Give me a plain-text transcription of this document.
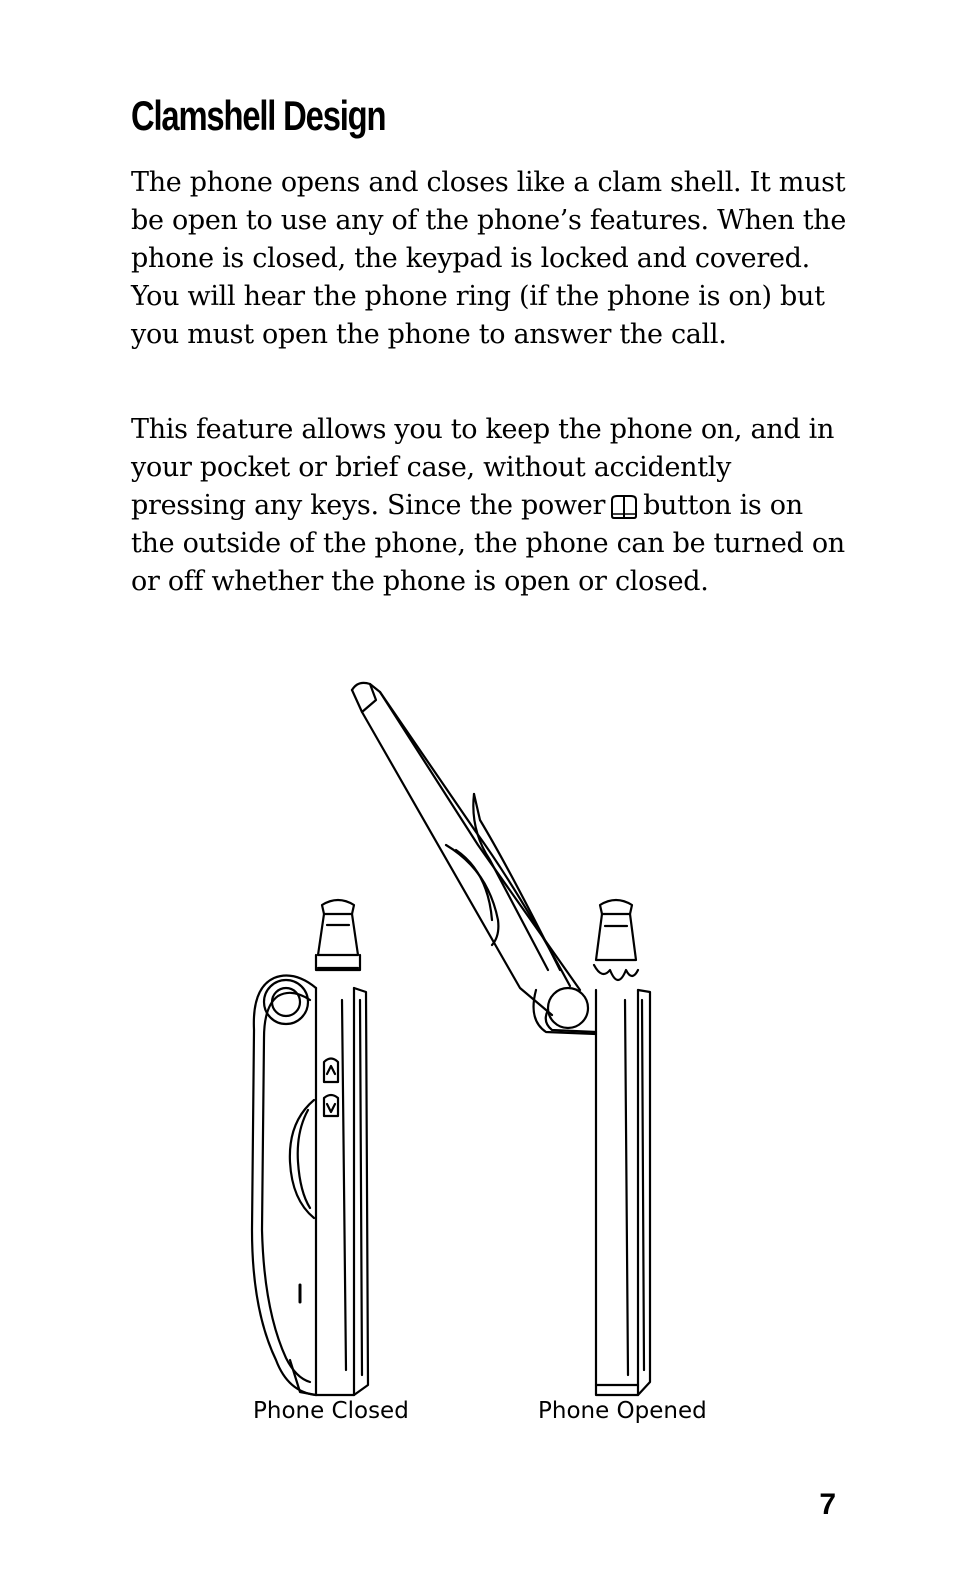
Clamshell Design

The phone opens and closes like a clam shell. It must be open to use any of the phone’s features. When the phone is closed, the keypad is locked and covered. You will hear the phone ring (if the phone is on) but you must open the phone to answer the call.

This feature allows you to keep the phone on, and in your pocket or brief case, without accidently pressing any keys. Since the power button is on the outside of the phone, the phone can be turned on or off whether the phone is open or closed.

Phone Closed	Phone Opened

7
